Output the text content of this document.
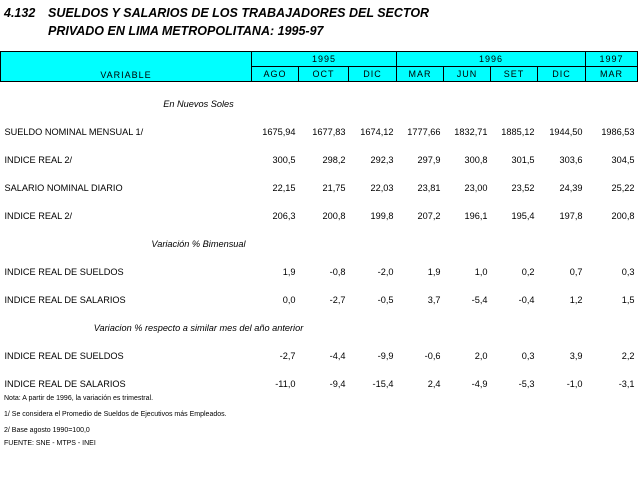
4.132 SUELDOS Y SALARIOS DE LOS TRABAJADORES DEL SECTOR
PRIVADO EN LIMA METROPOLITANA: 1995-97
VARIABLE	1995			1996				1997
	AGO	OCT	DIC	MAR	JUN	SET	DIC	MAR

En Nuevos Soles								
SUELDO NOMINAL MENSUAL 1/	1675,94	1677,83	1674,12	1777,66	1832,71	1885,12	1944,50	1986,53
INDICE REAL 2/	300,5	298,2	292,3	297,9	300,8	301,5	303,6	304,5
SALARIO NOMINAL DIARIO	22,15	21,75	22,03	23,81	23,00	23,52	24,39	25,22
INDICE REAL 2/	206,3	200,8	199,8	207,2	196,1	195,4	197,8	200,8
Variación % Bimensual								
INDICE REAL DE SUELDOS	1,9	-0,8	-2,0	1,9	1,0	0,2	0,7	0,3
INDICE REAL DE SALARIOS	0,0	-2,7	-0,5	3,7	-5,4	-0,4	1,2	1,5
Variacion % respecto a similar mes del año anterior								
INDICE REAL DE SUELDOS	-2,7	-4,4	-9,9	-0,6	2,0	0,3	3,9	2,2
INDICE REAL DE SALARIOS	-11,0	-9,4	-15,4	2,4	-4,9	-5,3	-1,0	-3,1
Nota: A partir de 1996, la variación es trimestral.
1/ Se considera el Promedio de Sueldos de Ejecutivos más Empleados.
2/ Base agosto 1990=100,0
FUENTE: SNE - MTPS - INEI
